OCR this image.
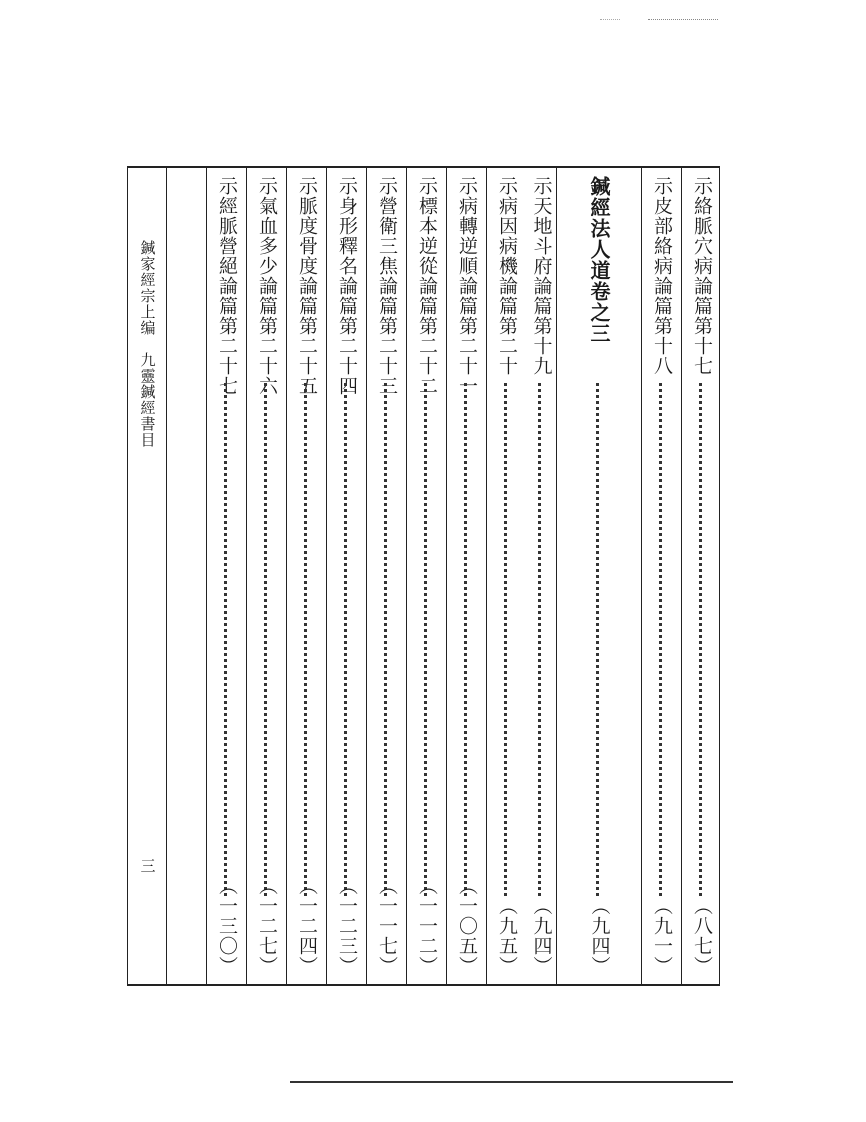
示絡脈穴病論篇第十七
（八七）
示皮部絡病論篇第十八
（九一）
鍼經法人道卷之三
（九四）
示天地斗府論篇第十九
（九四）
示病因病機論篇第二十
（九五）
示病轉逆順論篇第二十一
（一〇五）
示標本逆從論篇第二十二
（一一二）
示營衛三焦論篇第二十三
（一一七）
示身形釋名論篇第二十四
（一二三）
示脈度骨度論篇第二十五
（一二四）
示氣血多少論篇第二十六
（一二七）
示經脈營絕論篇第二十七
（一三〇）
鍼家經宗上编　九靈鍼經書目
三
